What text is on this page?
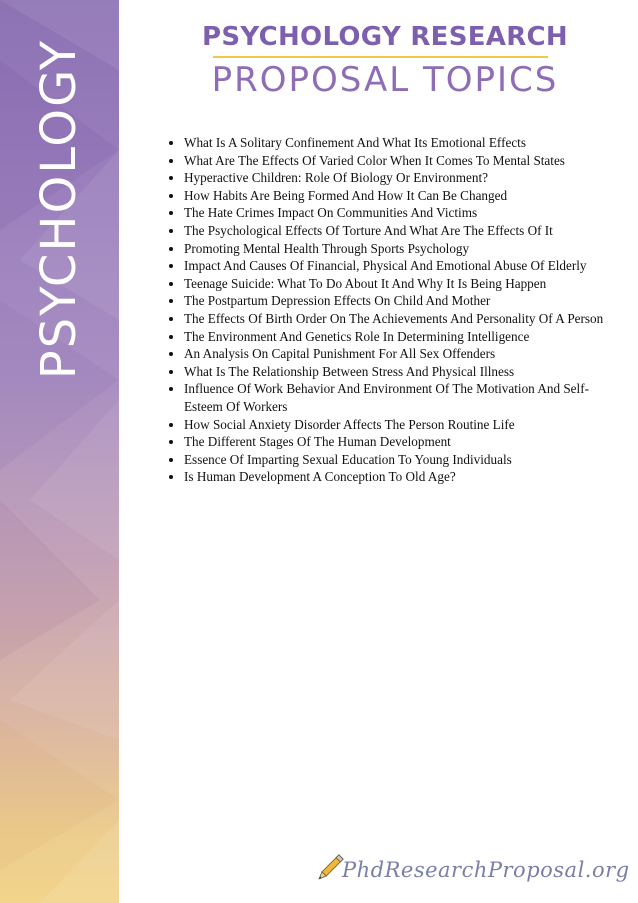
PSYCHOLOGY
PSYCHOLOGY RESEARCH
PROPOSAL TOPICS
• What Is A Solitary Confinement And What Its Emotional Effects
• What Are The Effects Of Varied Color When It Comes To Mental States
• Hyperactive Children: Role Of Biology Or Environment?
• How Habits Are Being Formed And How It Can Be Changed
• The Hate Crimes Impact On Communities And Victims
• The Psychological Effects Of Torture And What Are The Effects Of It
• Promoting Mental Health Through Sports Psychology
• Impact And Causes Of Financial, Physical And Emotional Abuse Of Elderly
• Teenage Suicide: What To Do About It And Why It Is Being Happen
• The Postpartum Depression Effects On Child And Mother
• The Effects Of Birth Order On The Achievements And Personality Of A Person
• The Environment And Genetics Role In Determining Intelligence
• An Analysis On Capital Punishment For All Sex Offenders
• What Is The Relationship Between Stress And Physical Illness
• Influence Of Work Behavior And Environment Of The Motivation And Self-Esteem Of Workers
• How Social Anxiety Disorder Affects The Person Routine Life
• The Different Stages Of The Human Development
• Essence Of Imparting Sexual Education To Young Individuals
• Is Human Development A Conception To Old Age?
PhdResearchProposal.org
